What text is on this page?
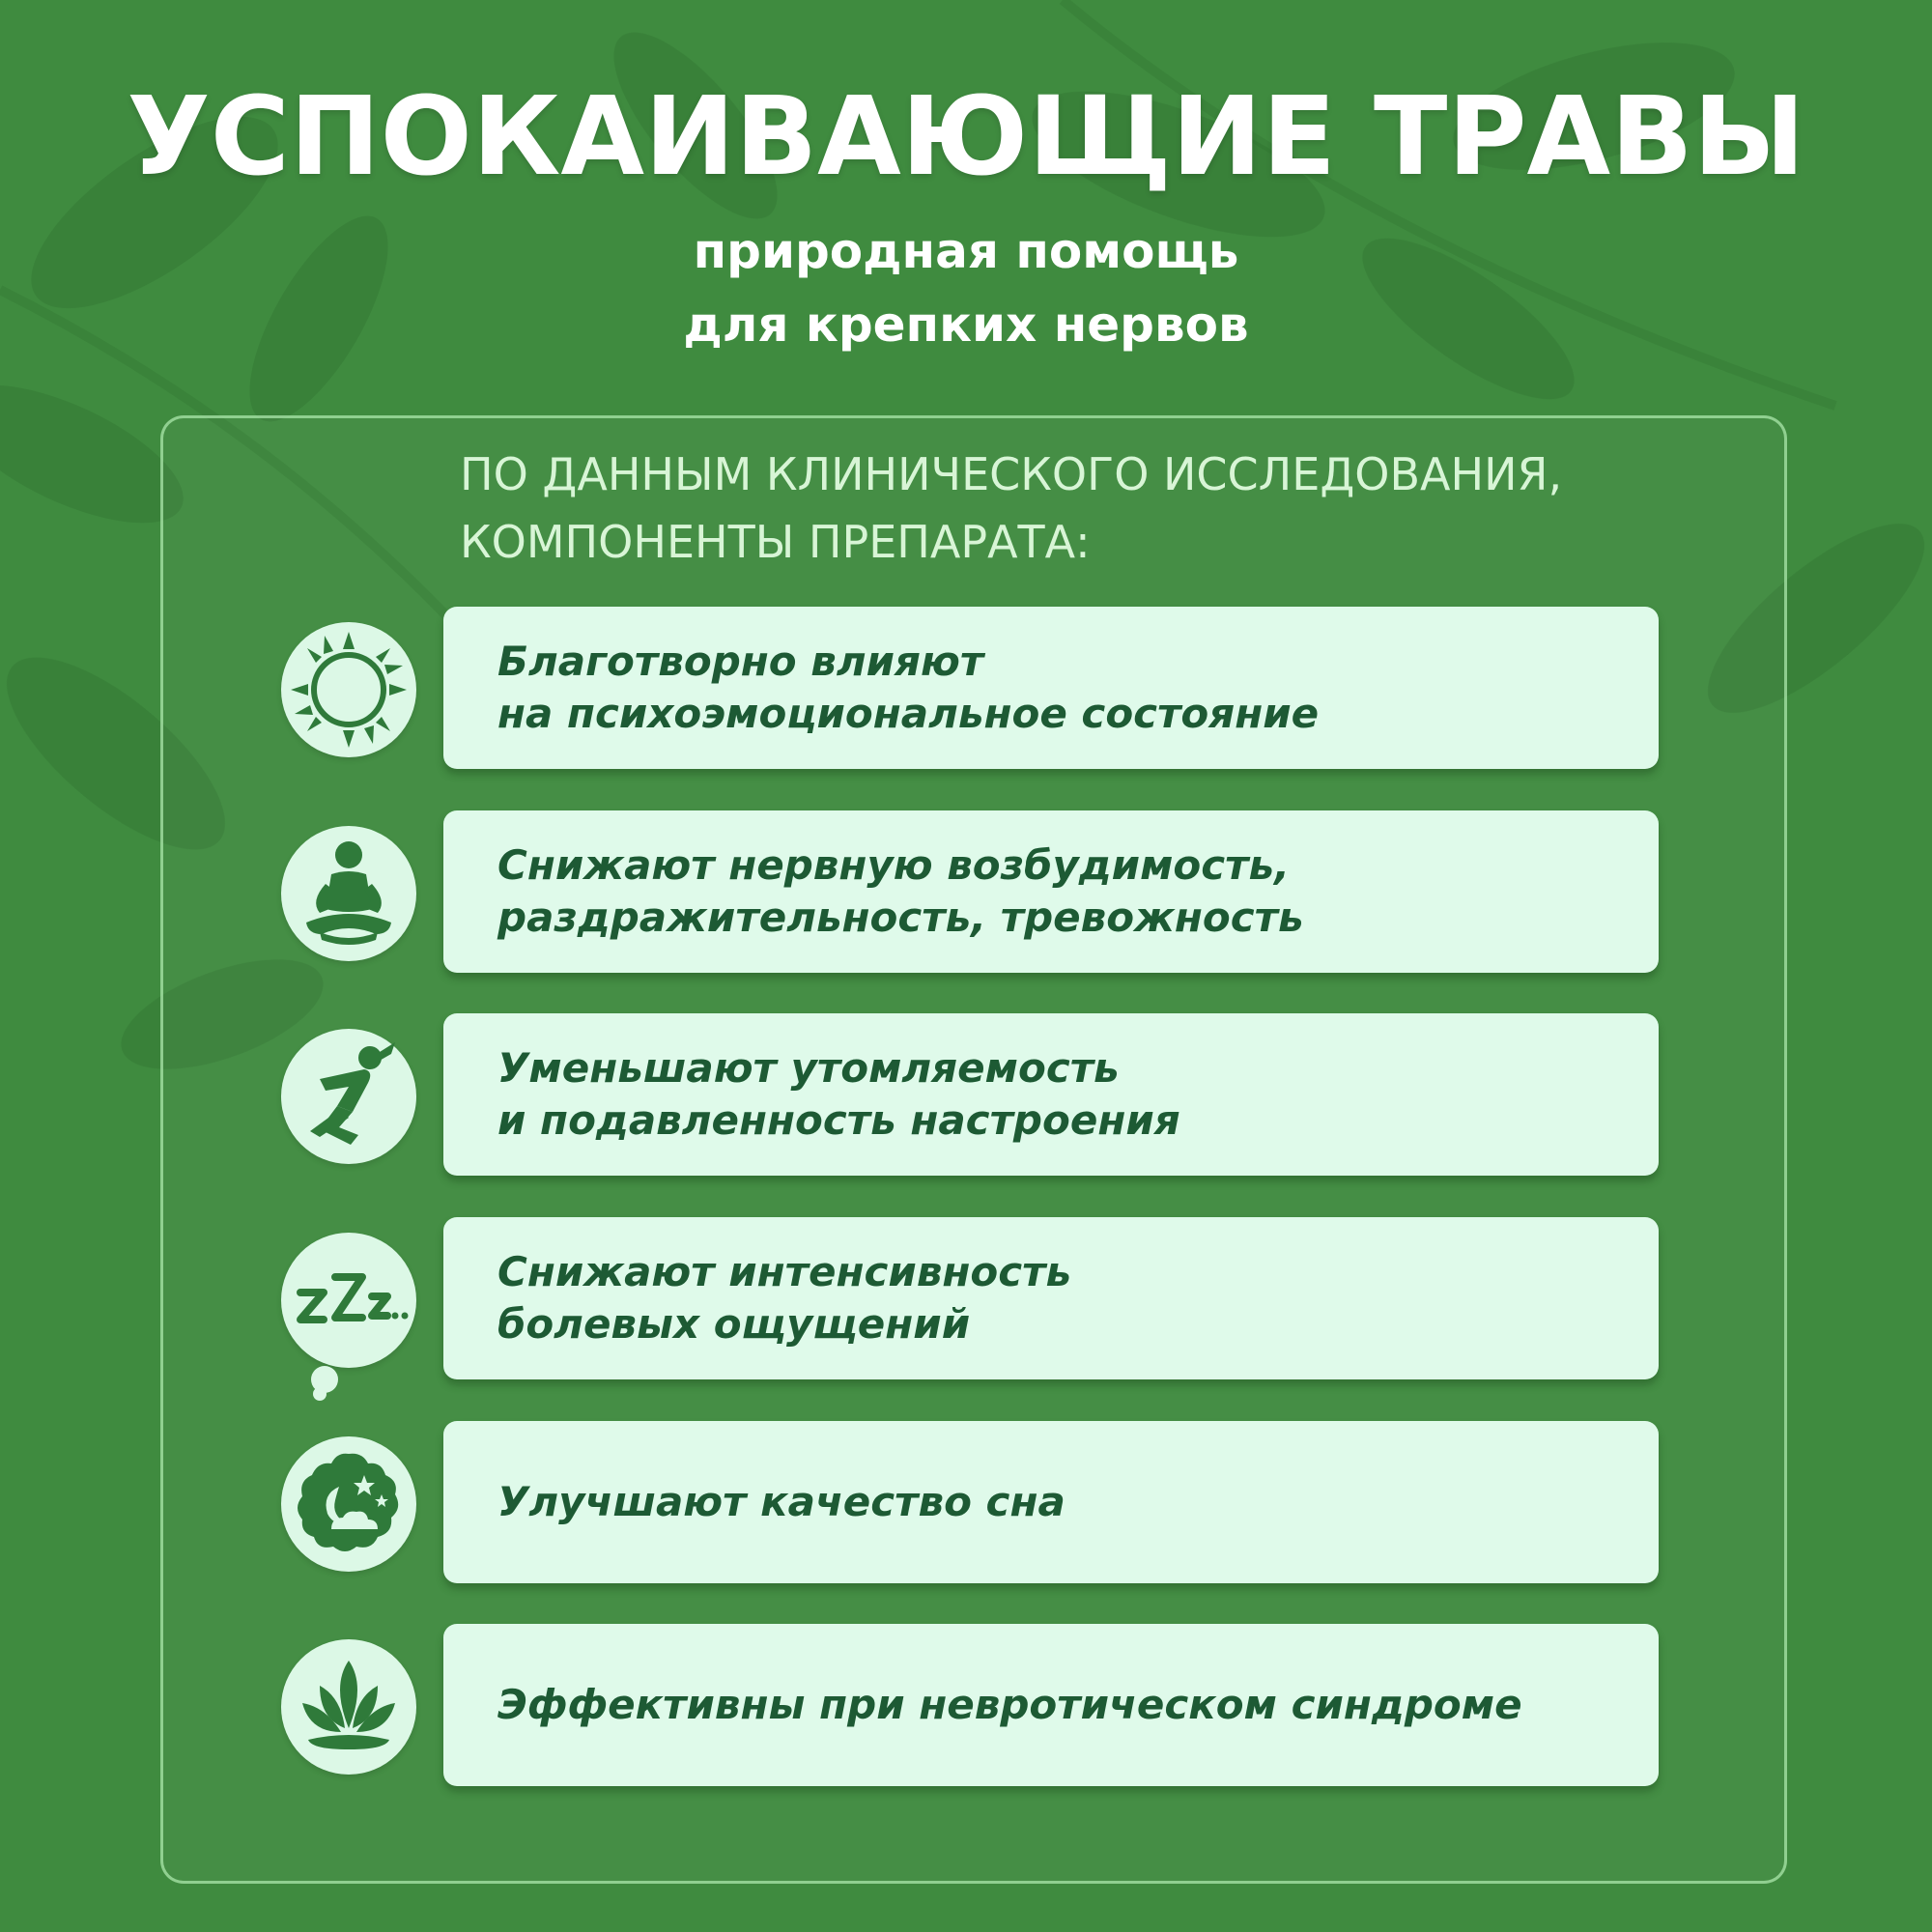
УСПОКАИВАЮЩИЕ ТРАВЫ
природная помощь
для крепких нервов
ПО ДАННЫМ КЛИНИЧЕСКОГО ИССЛЕДОВАНИЯ,
КОМПОНЕНТЫ ПРЕПАРАТА:
Благотворно влияют
на психоэмоциональное состояние
Снижают нервную возбудимость,
раздражительность, тревожность
Уменьшают утомляемость
и подавленность настроения
Снижают интенсивность
болевых ощущений
Улучшают качество сна
Эффективны при невротическом синдроме
